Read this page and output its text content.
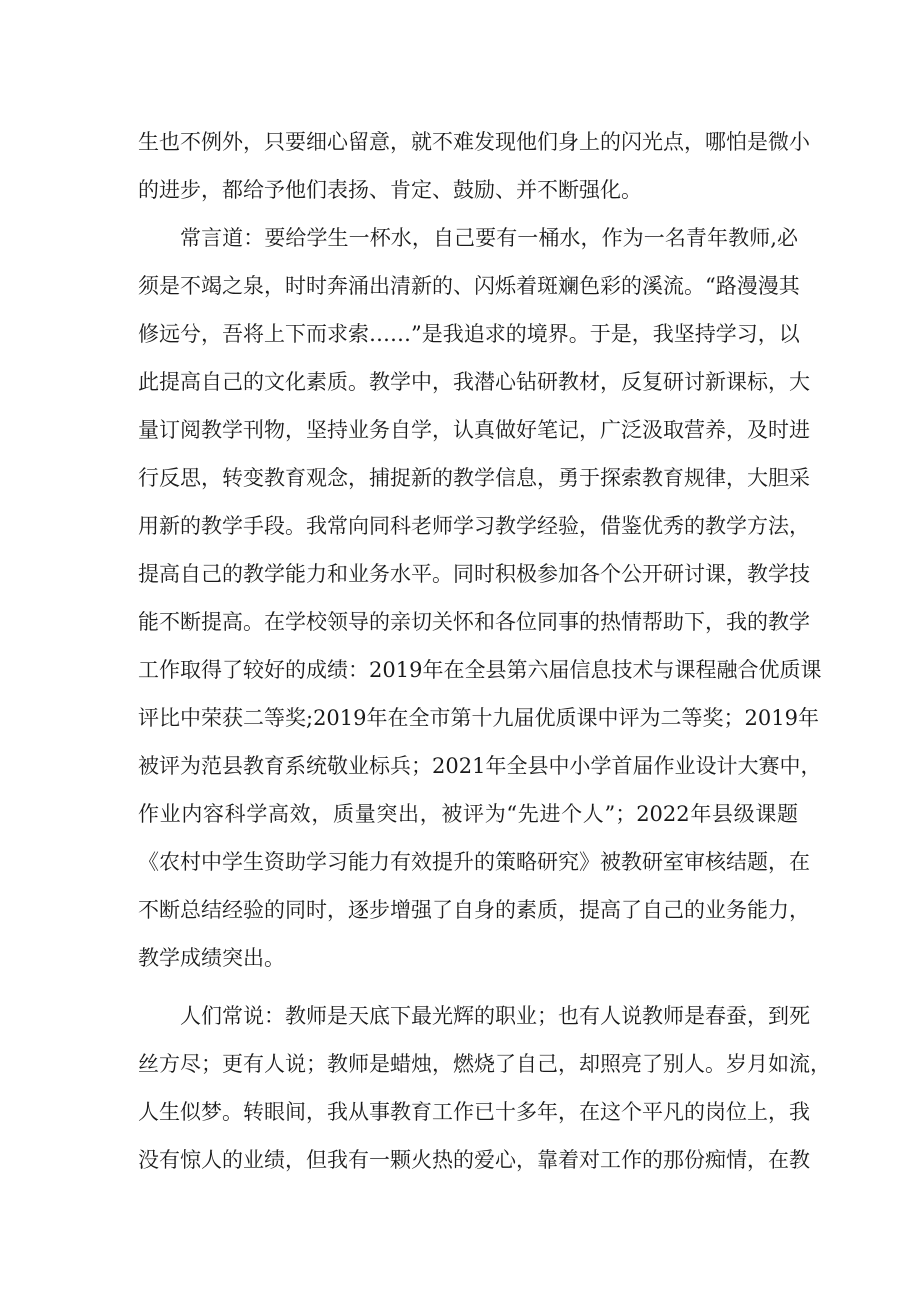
生也不例外，只要细心留意，就不难发现他们身上的闪光点，哪怕是微小
的进步，都给予他们表扬、肯定、鼓励、并不断强化。
常言道：要给学生一杯水，自己要有一桶水，作为一名青年教师,必
须是不竭之泉，时时奔涌出清新的、闪烁着斑斓色彩的溪流。“路漫漫其
修远兮，吾将上下而求索……”是我追求的境界。于是，我坚持学习，以
此提高自己的文化素质。教学中，我潜心钻研教材，反复研讨新课标，大
量订阅教学刊物，坚持业务自学，认真做好笔记，广泛汲取营养，及时进
行反思，转变教育观念，捕捉新的教学信息，勇于探索教育规律，大胆采
用新的教学手段。我常向同科老师学习教学经验，借鉴优秀的教学方法，
提高自己的教学能力和业务水平。同时积极参加各个公开研讨课，教学技
能不断提高。在学校领导的亲切关怀和各位同事的热情帮助下，我的教学
工作取得了较好的成绩：2019年在全县第六届信息技术与课程融合优质课
评比中荣获二等奖;2019年在全市第十九届优质课中评为二等奖；2019年
被评为范县教育系统敬业标兵；2021年全县中小学首届作业设计大赛中，
作业内容科学高效，质量突出，被评为“先进个人”；2022年县级课题
《农村中学生资助学习能力有效提升的策略研究》被教研室审核结题，在
不断总结经验的同时，逐步增强了自身的素质，提高了自己的业务能力，
教学成绩突出。
人们常说：教师是天底下最光辉的职业；也有人说教师是春蚕，到死
丝方尽；更有人说；教师是蜡烛，燃烧了自己，却照亮了别人。岁月如流，
人生似梦。转眼间，我从事教育工作已十多年，在这个平凡的岗位上，我
没有惊人的业绩，但我有一颗火热的爱心，靠着对工作的那份痴情，在教
